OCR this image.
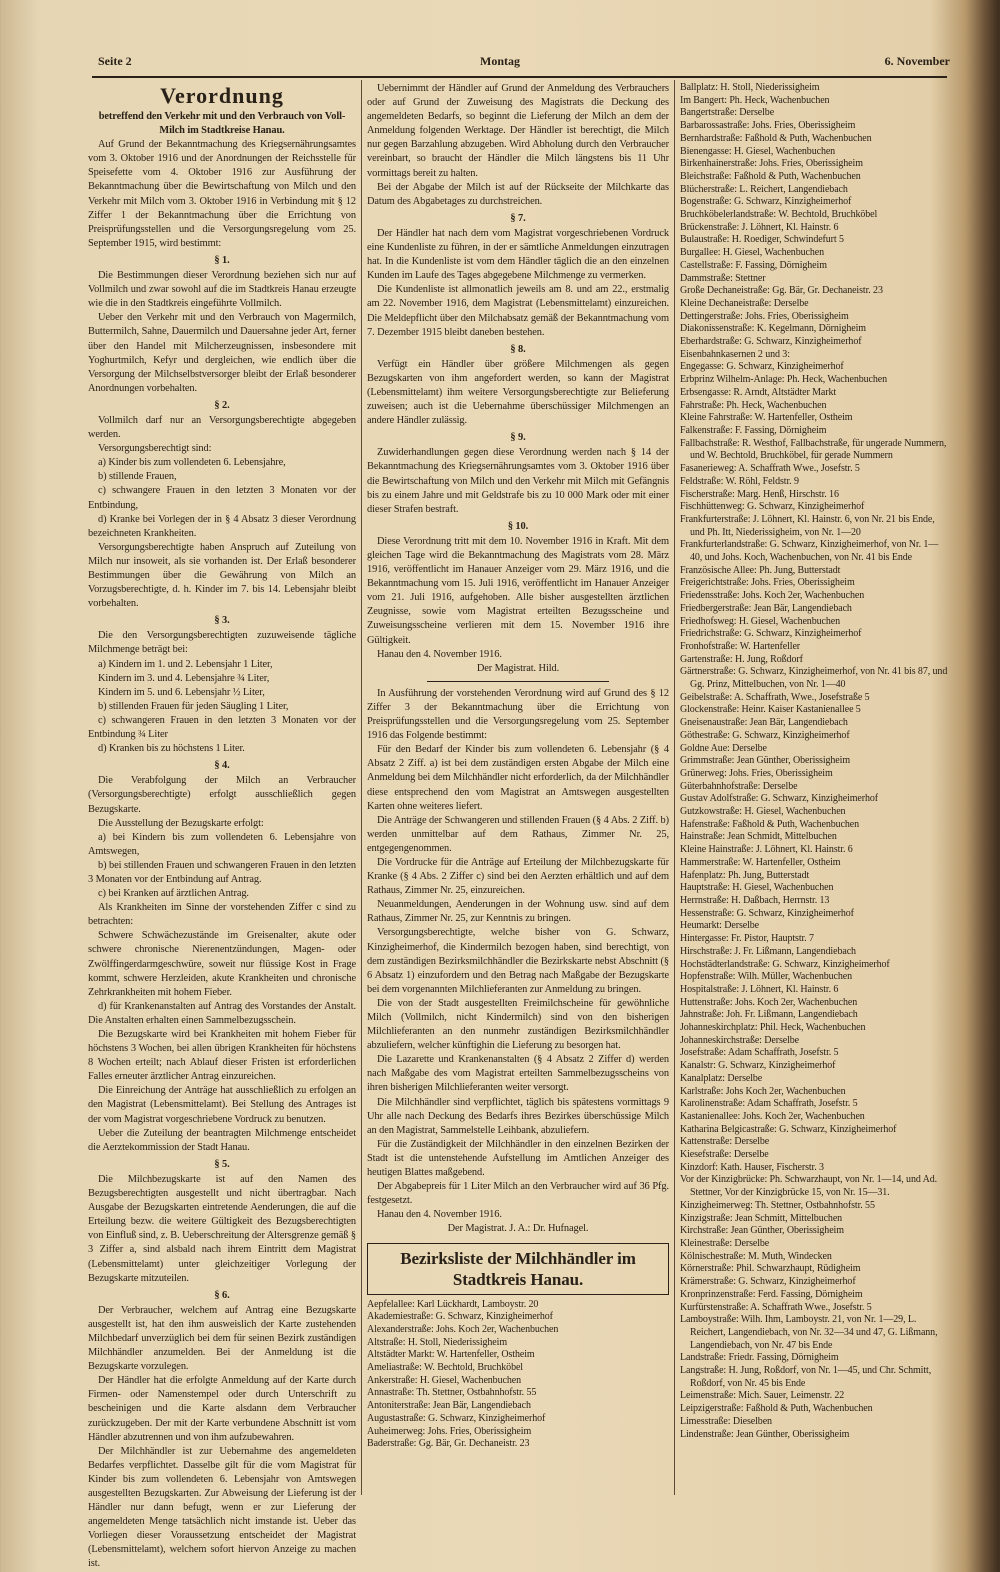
Seite 2	Montag	6. November

Verordnung

betreffend den Verkehr mit und den Verbrauch von Voll-Milch im Stadtkreise Hanau.

Auf Grund der Bekanntmachung des Kriegsernährungsamtes vom 3. Oktober 1916 und der Anordnungen der Reichsstelle für Speisefette vom 4. Oktober 1916 zur Ausführung der Bekanntmachung über die Bewirtschaftung von Milch und den Verkehr mit Milch vom 3. Oktober 1916 in Verbindung mit § 12 Ziffer 1 der Bekanntmachung über die Errichtung von Preisprüfungsstellen und die Versorgungsregelung vom 25. September 1915, wird bestimmt:

§ 1.

Die Bestimmungen dieser Verordnung beziehen sich nur auf Vollmilch und zwar sowohl auf die im Stadtkreis Hanau erzeugte wie die in den Stadtkreis eingeführte Vollmilch.

Ueber den Verkehr mit und den Verbrauch von Magermilch, Buttermilch, Sahne, Dauermilch und Dauersahne jeder Art, ferner über den Handel mit Milcherzeugnissen, insbesondere mit Yoghurtmilch, Kefyr und dergleichen, wie endlich über die Versorgung der Milchselbstversorger bleibt der Erlaß besonderer Anordnungen vorbehalten.

§ 2.

Vollmilch darf nur an Versorgungsberechtigte abgegeben werden.

Versorgungsberechtigt sind:

a) Kinder bis zum vollendeten 6. Lebensjahre,

b) stillende Frauen,

c) schwangere Frauen in den letzten 3 Monaten vor der Entbindung,

d) Kranke bei Vorlegen der in § 4 Absatz 3 dieser Verordnung bezeichneten Krankheiten.

Versorgungsberechtigte haben Anspruch auf Zuteilung von Milch nur insoweit, als sie vorhanden ist. Der Erlaß besonderer Bestimmungen über die Gewährung von Milch an Vorzugsberechtigte, d. h. Kinder im 7. bis 14. Lebensjahr bleibt vorbehalten.

§ 3.

Die den Versorgungsberechtigten zuzuweisende tägliche Milchmenge beträgt bei:

a) Kindern im 1. und 2. Lebensjahr 1 Liter,

Kindern im 3. und 4. Lebensjahre ¾ Liter,

Kindern im 5. und 6. Lebensjahr ½ Liter,

b) stillenden Frauen für jeden Säugling 1 Liter,

c) schwangeren Frauen in den letzten 3 Monaten vor der Entbindung ¾ Liter

d) Kranken bis zu höchstens 1 Liter.

§ 4.

Die Verabfolgung der Milch an Verbraucher (Versorgungsberechtigte) erfolgt ausschließlich gegen Bezugskarte.

Die Ausstellung der Bezugskarte erfolgt:

a) bei Kindern bis zum vollendeten 6. Lebensjahre von Amtswegen,

b) bei stillenden Frauen und schwangeren Frauen in den letzten 3 Monaten vor der Entbindung auf Antrag.

c) bei Kranken auf ärztlichen Antrag.

Als Krankheiten im Sinne der vorstehenden Ziffer c sind zu betrachten:

Schwere Schwächezustände im Greisenalter, akute oder schwere chronische Nierenentzündungen, Magen- oder Zwölffingerdarmgeschwüre, soweit nur flüssige Kost in Frage kommt, schwere Herzleiden, akute Krankheiten und chronische Zehrkrankheiten mit hohem Fieber.

d) für Krankenanstalten auf Antrag des Vorstandes der Anstalt. Die Anstalten erhalten einen Sammelbezugsschein.

Die Bezugskarte wird bei Krankheiten mit hohem Fieber für höchstens 3 Wochen, bei allen übrigen Krankheiten für höchstens 8 Wochen erteilt; nach Ablauf dieser Fristen ist erforderlichen Falles erneuter ärztlicher Antrag einzureichen.

Die Einreichung der Anträge hat ausschließlich zu erfolgen an den Magistrat (Lebensmittelamt). Bei Stellung des Antrages ist der vom Magistrat vorgeschriebene Vordruck zu benutzen.

Ueber die Zuteilung der beantragten Milchmenge entscheidet die Aerztekommission der Stadt Hanau.

§ 5.

Die Milchbezugskarte ist auf den Namen des Bezugsberechtigten ausgestellt und nicht übertragbar. Nach Ausgabe der Bezugskarten eintretende Aenderungen, die auf die Erteilung bezw. die weitere Gültigkeit des Bezugsberechtigten von Einfluß sind, z. B. Ueberschreitung der Altersgrenze gemäß § 3 Ziffer a, sind alsbald nach ihrem Eintritt dem Magistrat (Lebensmittelamt) unter gleichzeitiger Vorlegung der Bezugskarte mitzuteilen.

§ 6.

Der Verbraucher, welchem auf Antrag eine Bezugskarte ausgestellt ist, hat den ihm ausweislich der Karte zustehenden Milchbedarf unverzüglich bei dem für seinen Bezirk zuständigen Milchhändler anzumelden. Bei der Anmeldung ist die Bezugskarte vorzulegen.

Der Händler hat die erfolgte Anmeldung auf der Karte durch Firmen- oder Namenstempel oder durch Unterschrift zu bescheinigen und die Karte alsdann dem Verbraucher zurückzugeben. Der mit der Karte verbundene Abschnitt ist vom Händler abzutrennen und von ihm aufzubewahren.

Der Milchhändler ist zur Uebernahme des angemeldeten Bedarfes verpflichtet. Dasselbe gilt für die vom Magistrat für Kinder bis zum vollendeten 6. Lebensjahr von Amtswegen ausgestellten Bezugskarten. Zur Abweisung der Lieferung ist der Händler nur dann befugt, wenn er zur Lieferung der angemeldeten Menge tatsächlich nicht imstande ist. Ueber das Vorliegen dieser Voraussetzung entscheidet der Magistrat (Lebensmittelamt), welchem sofort hiervon Anzeige zu machen ist.

Uebernimmt der Händler auf Grund der Anmeldung des Verbrauchers oder auf Grund der Zuweisung des Magistrats die Deckung des angemeldeten Bedarfs, so beginnt die Lieferung der Milch an dem der Anmeldung folgenden Werktage. Der Händler ist berechtigt, die Milch nur gegen Barzahlung abzugeben. Wird Abholung durch den Verbraucher vereinbart, so braucht der Händler die Milch längstens bis 11 Uhr vormittags bereit zu halten.

Bei der Abgabe der Milch ist auf der Rückseite der Milchkarte das Datum des Abgabetages zu durchstreichen.

§ 7.

Der Händler hat nach dem vom Magistrat vorgeschriebenen Vordruck eine Kundenliste zu führen, in der er sämtliche Anmeldungen einzutragen hat. In die Kundenliste ist vom dem Händler täglich die an den einzelnen Kunden im Laufe des Tages abgegebene Milchmenge zu vermerken.

Die Kundenliste ist allmonatlich jeweils am 8. und am 22., erstmalig am 22. November 1916, dem Magistrat (Lebensmittelamt) einzureichen. Die Meldepflicht über den Milchabsatz gemäß der Bekanntmachung vom 7. Dezember 1915 bleibt daneben bestehen.

§ 8.

Verfügt ein Händler über größere Milchmengen als gegen Bezugskarten von ihm angefordert werden, so kann der Magistrat (Lebensmittelamt) ihm weitere Versorgungsberechtigte zur Belieferung zuweisen; auch ist die Uebernahme überschüssiger Milchmengen an andere Händler zulässig.

§ 9.

Zuwiderhandlungen gegen diese Verordnung werden nach § 14 der Bekanntmachung des Kriegsernährungsamtes vom 3. Oktober 1916 über die Bewirtschaftung von Milch und den Verkehr mit Milch mit Gefängnis bis zu einem Jahre und mit Geldstrafe bis zu 10 000 Mark oder mit einer dieser Strafen bestraft.

§ 10.

Diese Verordnung tritt mit dem 10. November 1916 in Kraft. Mit dem gleichen Tage wird die Bekanntmachung des Magistrats vom 28. März 1916, veröffentlicht im Hanauer Anzeiger vom 29. März 1916, und die Bekanntmachung vom 15. Juli 1916, veröffentlicht im Hanauer Anzeiger vom 21. Juli 1916, aufgehoben. Alle bisher ausgestellten ärztlichen Zeugnisse, sowie vom Magistrat erteilten Bezugsscheine und Zuweisungsscheine verlieren mit dem 15. November 1916 ihre Gültigkeit.

Hanau den 4. November 1916.

Der Magistrat. Hild.

In Ausführung der vorstehenden Verordnung wird auf Grund des § 12 Ziffer 3 der Bekanntmachung über die Errichtung von Preisprüfungsstellen und die Versorgungsregelung vom 25. September 1916 das Folgende bestimmt:

Für den Bedarf der Kinder bis zum vollendeten 6. Lebensjahr (§ 4 Absatz 2 Ziff. a) ist bei dem zuständigen ersten Abgabe der Milch eine Anmeldung bei dem Milchhändler nicht erforderlich, da der Milchhändler diese entsprechend den vom Magistrat an Amtswegen ausgestellten Karten ohne weiteres liefert.

Die Anträge der Schwangeren und stillenden Frauen (§ 4 Abs. 2 Ziff. b) werden unmittelbar auf dem Rathaus, Zimmer Nr. 25, entgegengenommen.

Die Vordrucke für die Anträge auf Erteilung der Milchbezugskarte für Kranke (§ 4 Abs. 2 Ziffer c) sind bei den Aerzten erhältlich und auf dem Rathaus, Zimmer Nr. 25, einzureichen.

Neuanmeldungen, Aenderungen in der Wohnung usw. sind auf dem Rathaus, Zimmer Nr. 25, zur Kenntnis zu bringen.

Versorgungsberechtigte, welche bisher von G. Schwarz, Kinzigheimerhof, die Kindermilch bezogen haben, sind berechtigt, von dem zuständigen Bezirksmilchhändler die Bezirkskarte nebst Abschnitt (§ 6 Absatz 1) einzufordern und den Betrag nach Maßgabe der Bezugskarte bei dem vorgenannten Milchlieferanten zur Anmeldung zu bringen.

Die von der Stadt ausgestellten Freimilchscheine für gewöhnliche Milch (Vollmilch, nicht Kindermilch) sind von den bisherigen Milchlieferanten an den nunmehr zuständigen Bezirksmilchhändler abzuliefern, welcher künftighin die Lieferung zu besorgen hat.

Die Lazarette und Krankenanstalten (§ 4 Absatz 2 Ziffer d) werden nach Maßgabe des vom Magistrat erteilten Sammelbezugsscheins von ihren bisherigen Milchlieferanten weiter versorgt.

Die Milchhändler sind verpflichtet, täglich bis spätestens vormittags 9 Uhr alle nach Deckung des Bedarfs ihres Bezirkes überschüssige Milch an den Magistrat, Sammelstelle Leihbank, abzuliefern.

Für die Zuständigkeit der Milchhändler in den einzelnen Bezirken der Stadt ist die untenstehende Aufstellung im Amtlichen Anzeiger des heutigen Blattes maßgebend.

Der Abgabepreis für 1 Liter Milch an den Verbraucher wird auf 36 Pfg. festgesetzt.

Hanau den 4. November 1916.

Der Magistrat. J. A.: Dr. Hufnagel.

Bezirksliste der Milchhändler im Stadtkreis Hanau.

Aepfelallee: Karl Lückhardt, Lamboystr. 20

Akademiestraße: G. Schwarz, Kinzigheimerhof

Alexanderstraße: Johs. Koch 2er, Wachenbuchen

Altstraße: H. Stoll, Niederissigheim

Altstädter Markt: W. Hartenfeller, Ostheim

Ameliastraße: W. Bechtold, Bruchköbel

Ankerstraße: H. Giesel, Wachenbuchen

Annastraße: Th. Stettner, Ostbahnhofstr. 55

Antoniterstraße: Jean Bär, Langendiebach

Augustastraße: G. Schwarz, Kinzigheimerhof

Auheimerweg: Johs. Fries, Oberissigheim

Baderstraße: Gg. Bär, Gr. Dechaneistr. 23

Ballplatz: H. Stoll, Niederissigheim

Im Bangert: Ph. Heck, Wachenbuchen

Bangertstraße: Derselbe

Barbarossastraße: Johs. Fries, Oberissigheim

Bernhardstraße: Faßhold & Puth, Wachenbuchen

Bienengasse: H. Giesel, Wachenbuchen

Birkenhainerstraße: Johs. Fries, Oberissigheim

Bleichstraße: Faßhold & Puth, Wachenbuchen

Blücherstraße: L. Reichert, Langendiebach

Bogenstraße: G. Schwarz, Kinzigheimerhof

Bruchköbelerlandstraße: W. Bechtold, Bruchköbel

Brückenstraße: J. Löhnert, Kl. Hainstr. 6

Bulaustraße: H. Roediger, Schwindefurt 5

Burgallee: H. Giesel, Wachenbuchen

Castellstraße: F. Fassing, Dörnigheim

Dammstraße: Stettner

Große Dechaneistraße: Gg. Bär, Gr. Dechaneistr. 23

Kleine Dechaneistraße: Derselbe

Dettingerstraße: Johs. Fries, Oberissigheim

Diakonissenstraße: K. Kegelmann, Dörnigheim

Eberhardstraße: G. Schwarz, Kinzigheimerhof

Eisenbahnkasernen 2 und 3:

Engegasse: G. Schwarz, Kinzigheimerhof

Erbprinz Wilhelm-Anlage: Ph. Heck, Wachenbuchen

Erbsengasse: R. Arndt, Altstädter Markt

Fahrstraße: Ph. Heck, Wachenbuchen

Kleine Fahrstraße: W. Hartenfeller, Ostheim

Falkenstraße: F. Fassing, Dörnigheim

Fallbachstraße: R. Westhof, Fallbachstraße, für ungerade Nummern, und W. Bechtold, Bruchköbel, für gerade Nummern

Fasanerieweg: A. Schaffrath Wwe., Josefstr. 5

Feldstraße: W. Röhl, Feldstr. 9

Fischerstraße: Marg. Henß, Hirschstr. 16

Fischhüttenweg: G. Schwarz, Kinzigheimerhof

Frankfurterstraße: J. Löhnert, Kl. Hainstr. 6, von Nr. 21 bis Ende, und Ph. Itt, Niederissigheim, von Nr. 1—20

Frankfurterlandstraße: G. Schwarz, Kinzigheimerhof, von Nr. 1—40, und Johs. Koch, Wachenbuchen, von Nr. 41 bis Ende

Französische Allee: Ph. Jung, Butterstadt

Freigerichtstraße: Johs. Fries, Oberissigheim

Friedensstraße: Johs. Koch 2er, Wachenbuchen

Friedbergerstraße: Jean Bär, Langendiebach

Friedhofsweg: H. Giesel, Wachenbuchen

Friedrichstraße: G. Schwarz, Kinzigheimerhof

Fronhofstraße: W. Hartenfeller

Gartenstraße: H. Jung, Roßdorf

Gärtnerstraße: G. Schwarz, Kinzigheimerhof, von Nr. 41 bis 87, und Gg. Prinz, Mittelbuchen, von Nr. 1—40

Geibelstraße: A. Schaffrath, Wwe., Josefstraße 5

Glockenstraße: Heinr. Kaiser Kastanienallee 5

Gneisenaustraße: Jean Bär, Langendiebach

Göthestraße: G. Schwarz, Kinzigheimerhof

Goldne Aue: Derselbe

Grimmstraße: Jean Günther, Oberissigheim

Grünerweg: Johs. Fries, Oberissigheim

Güterbahnhofstraße: Derselbe

Gustav Adolfstraße: G. Schwarz, Kinzigheimerhof

Gutzkowstraße: H. Giesel, Wachenbuchen

Hafenstraße: Faßhold & Puth, Wachenbuchen

Hainstraße: Jean Schmidt, Mittelbuchen

Kleine Hainstraße: J. Löhnert, Kl. Hainstr. 6

Hammerstraße: W. Hartenfeller, Ostheim

Hafenplatz: Ph. Jung, Butterstadt

Hauptstraße: H. Giesel, Wachenbuchen

Herrnstraße: H. Daßbach, Herrnstr. 13

Hessenstraße: G. Schwarz, Kinzigheimerhof

Heumarkt: Derselbe

Hintergasse: Fr. Pistor, Hauptstr. 7

Hirschstraße: J. Fr. Lißmann, Langendiebach

Hochstädterlandstraße: G. Schwarz, Kinzigheimerhof

Hopfenstraße: Wilh. Müller, Wachenbuchen

Hospitalstraße: J. Löhnert, Kl. Hainstr. 6

Huttenstraße: Johs. Koch 2er, Wachenbuchen

Jahnstraße: Joh. Fr. Lißmann, Langendiebach

Johanneskirchplatz: Phil. Heck, Wachenbuchen

Johanneskirchstraße: Derselbe

Josefstraße: Adam Schaffrath, Josefstr. 5

Kanalstr: G. Schwarz, Kinzigheimerhof

Kanalplatz: Derselbe

Karlstraße: Johs Koch 2er, Wachenbuchen

Karolinenstraße: Adam Schaffrath, Josefstr. 5

Kastanienallee: Johs. Koch 2er, Wachenbuchen

Katharina Belgicastraße: G. Schwarz, Kinzigheimerhof

Kattenstraße: Derselbe

Kiesefstraße: Derselbe

Kinzdorf: Kath. Hauser, Fischerstr. 3

Vor der Kinzigbrücke: Ph. Schwarzhaupt, von Nr. 1—14, und Ad. Stettner, Vor der Kinzigbrücke 15, von Nr. 15—31.

Kinzigheimerweg: Th. Stettner, Ostbahnhofstr. 55

Kinzigstraße: Jean Schmitt, Mittelbuchen

Kirchstraße: Jean Günther, Oberissigheim

Kleinestraße: Derselbe

Kölnischestraße: M. Muth, Windecken

Körnerstraße: Phil. Schwarzhaupt, Rüdigheim

Krämerstraße: G. Schwarz, Kinzigheimerhof

Kronprinzenstraße: Ferd. Fassing, Dörnigheim

Kurfürstenstraße: A. Schaffrath Wwe., Josefstr. 5

Lamboystraße: Wilh. Ihm, Lamboystr. 21, von Nr. 1—29, L. Reichert, Langendiebach, von Nr. 32—34 und 47, G. Lißmann, Langendiebach, von Nr. 47 bis Ende

Landstraße: Friedr. Fassing, Dörnigheim

Langstraße: H. Jung, Roßdorf, von Nr. 1—45, und Chr. Schmitt, Roßdorf, von Nr. 45 bis Ende

Leimenstraße: Mich. Sauer, Leimenstr. 22

Leipzigerstraße: Faßhold & Puth, Wachenbuchen

Limesstraße: Dieselben

Lindenstraße: Jean Günther, Oberissigheim
